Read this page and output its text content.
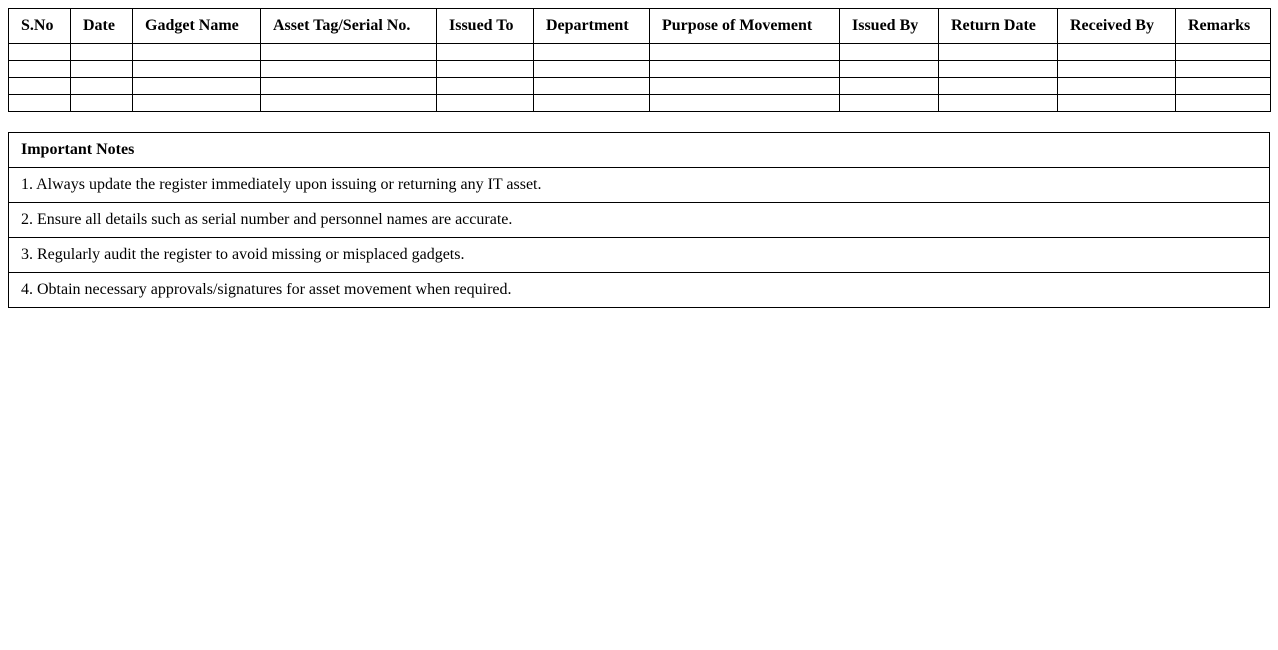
S.No	Date	Gadget Name	Asset Tag/Serial No.	Issued To	Department	Purpose of Movement	Issued By	Return Date	Received By	Remarks

Important Notes
1. Always update the register immediately upon issuing or returning any IT asset.
2. Ensure all details such as serial number and personnel names are accurate.
3. Regularly audit the register to avoid missing or misplaced gadgets.
4. Obtain necessary approvals/signatures for asset movement when required.
